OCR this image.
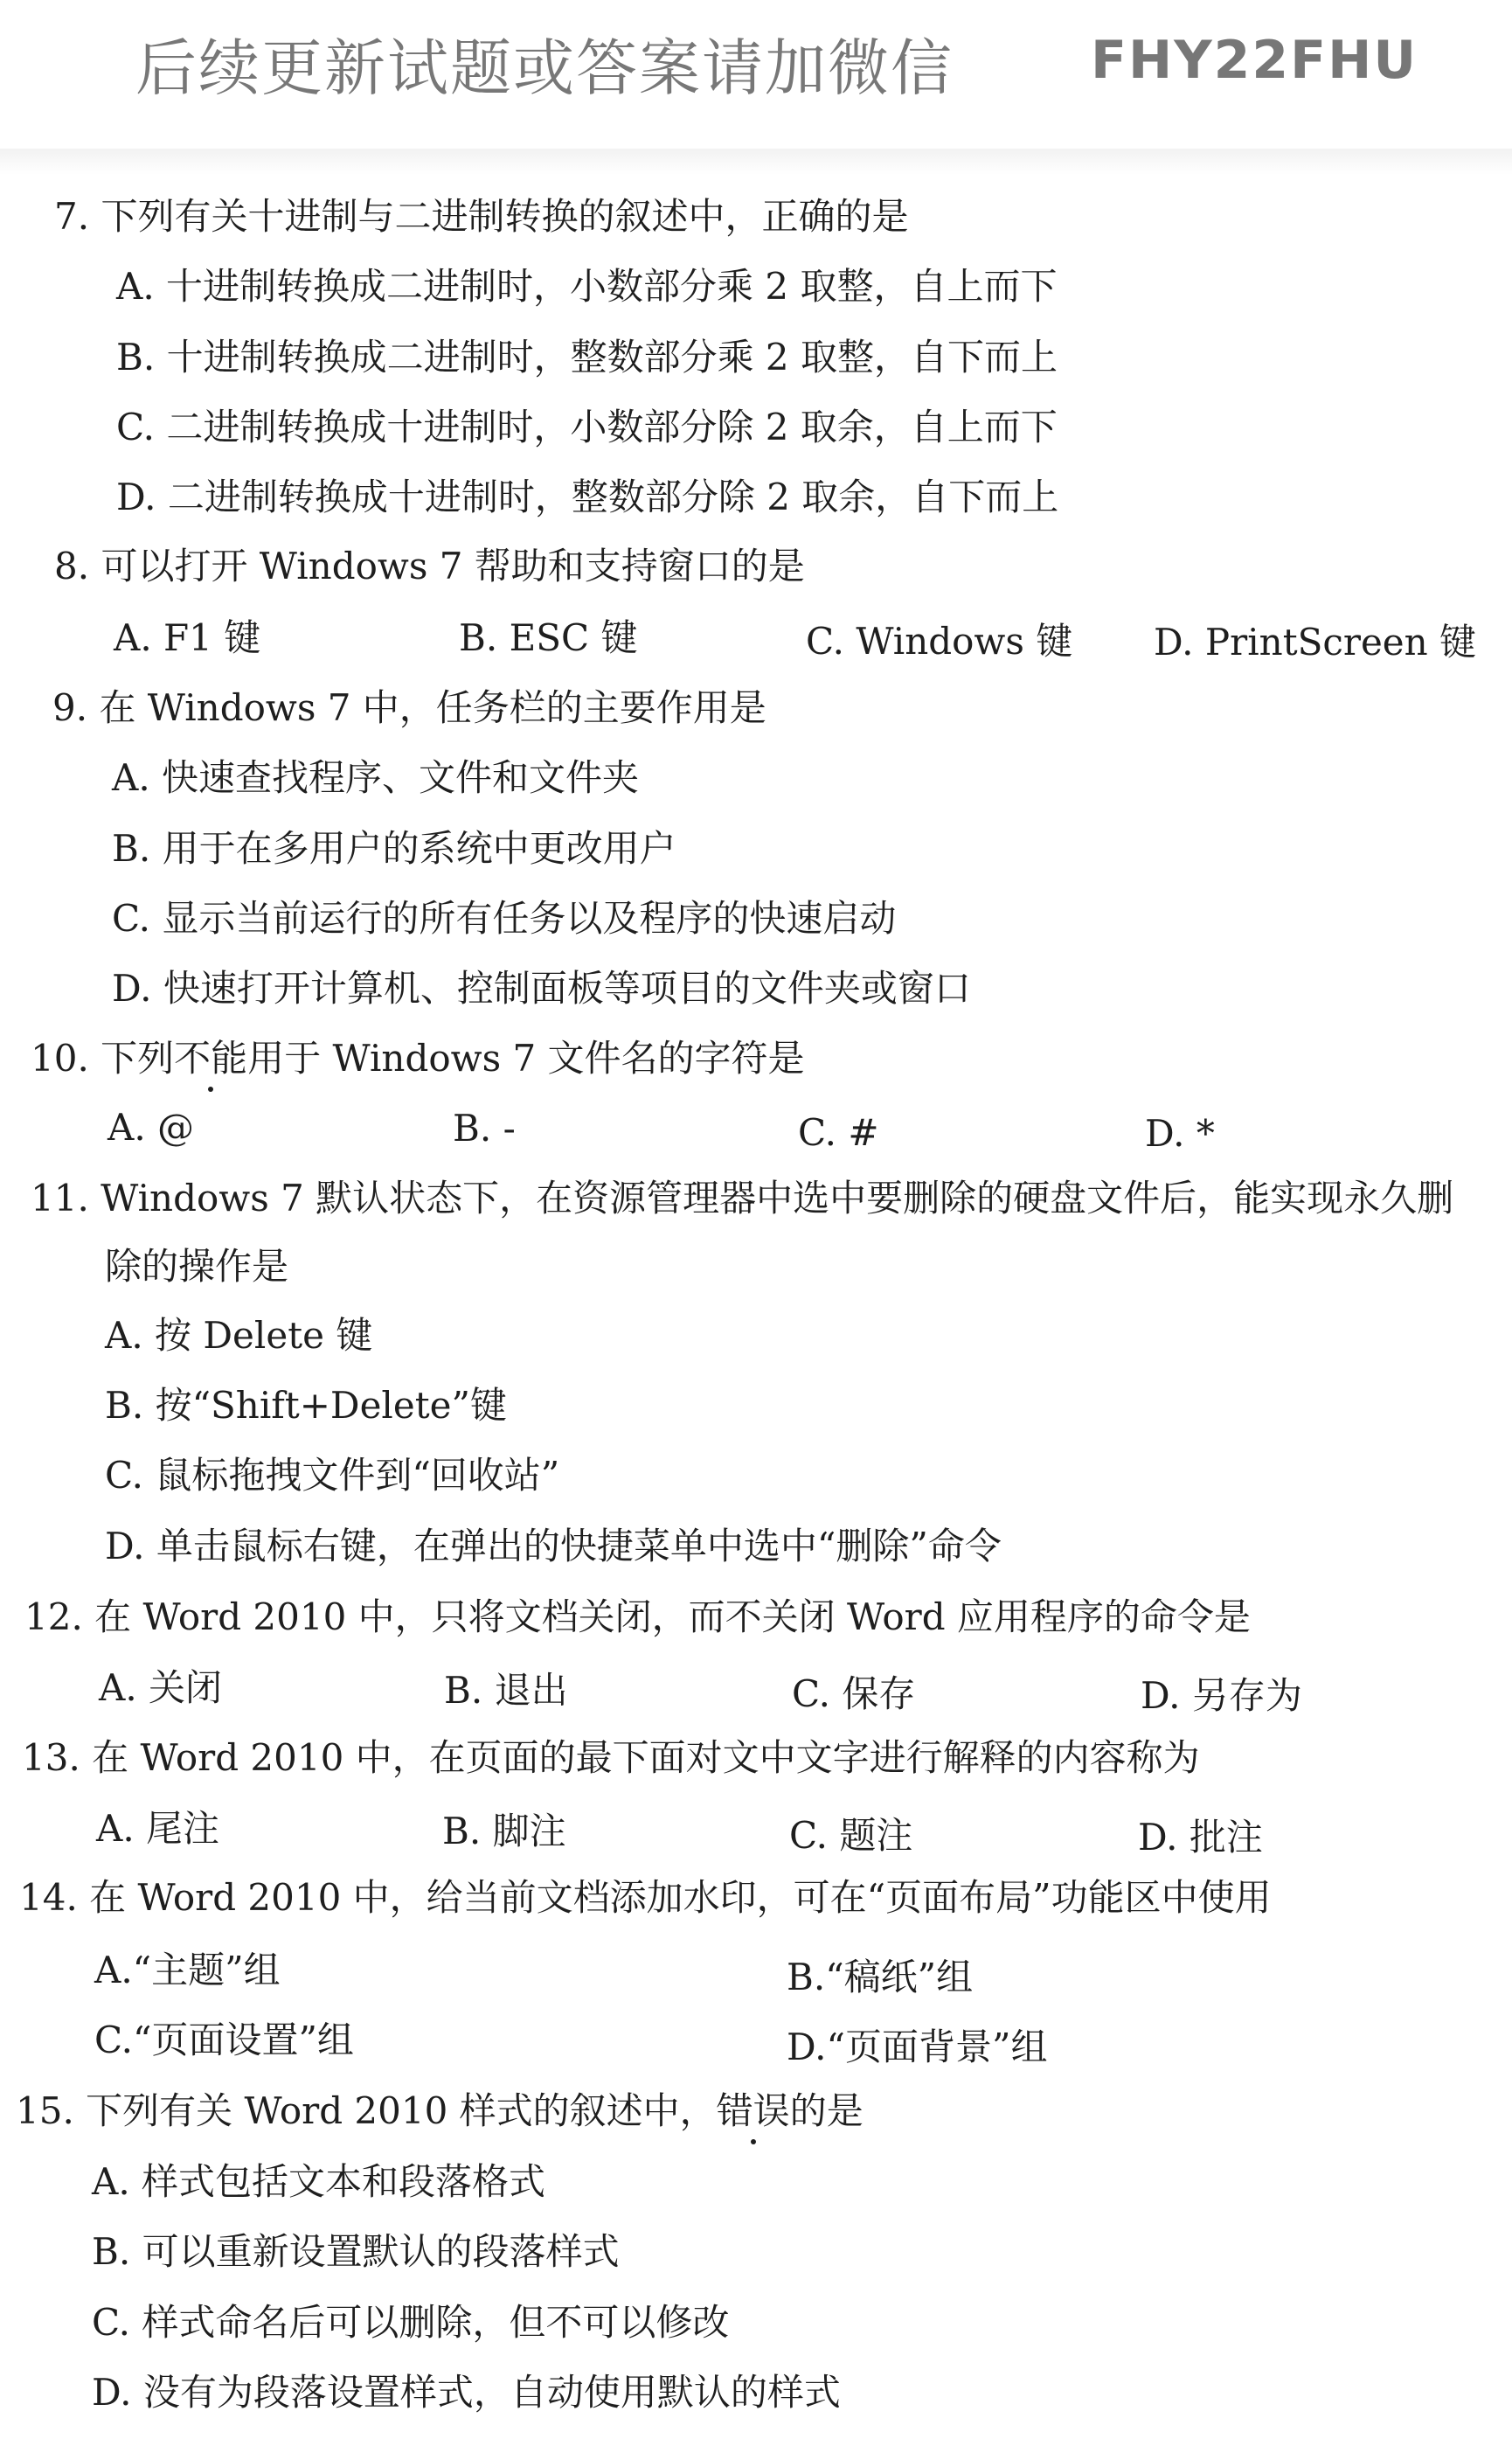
后续更新试题或答案请加微信	FHY22FHU
7. 下列有关十进制与二进制转换的叙述中，正确的是
A. 十进制转换成二进制时，小数部分乘 2 取整，自上而下
B. 十进制转换成二进制时，整数部分乘 2 取整，自下而上
C. 二进制转换成十进制时，小数部分除 2 取余，自上而下
D. 二进制转换成十进制时，整数部分除 2 取余，自下而上
8. 可以打开 Windows 7 帮助和支持窗口的是
A. F1 键	B. ESC 键	C. Windows 键 D. PrintScreen 键
9. 在 Windows 7 中，任务栏的主要作用是
A. 快速查找程序、文件和文件夹
B. 用于在多用户的系统中更改用户
C. 显示当前运行的所有任务以及程序的快速启动
D. 快速打开计算机、控制面板等项目的文件夹或窗口
10. 下列不能用于 Windows 7 文件名的字符是
A. @	B. -	C. #	D. *
11. Windows 7 默认状态下，在资源管理器中选中要删除的硬盘文件后，能实现永久删
除的操作是
A. 按 Delete 键
B. 按“Shift+Delete”键
C. 鼠标拖拽文件到“回收站”
D. 单击鼠标右键，在弹出的快捷菜单中选中“删除”命令
12. 在 Word 2010 中，只将文档关闭，而不关闭 Word 应用程序的命令是
A. 关闭	B. 退出	C. 保存	D. 另存为
13. 在 Word 2010 中，在页面的最下面对文中文字进行解释的内容称为
A. 尾注	B. 脚注	C. 题注	D. 批注
14. 在 Word 2010 中，给当前文档添加水印，可在“页面布局”功能区中使用
A.“主题”组	B.“稿纸”组
C.“页面设置”组	D.“页面背景”组
15. 下列有关 Word 2010 样式的叙述中，错误的是
A. 样式包括文本和段落格式
B. 可以重新设置默认的段落样式
C. 样式命名后可以删除，但不可以修改
D. 没有为段落设置样式，自动使用默认的样式
